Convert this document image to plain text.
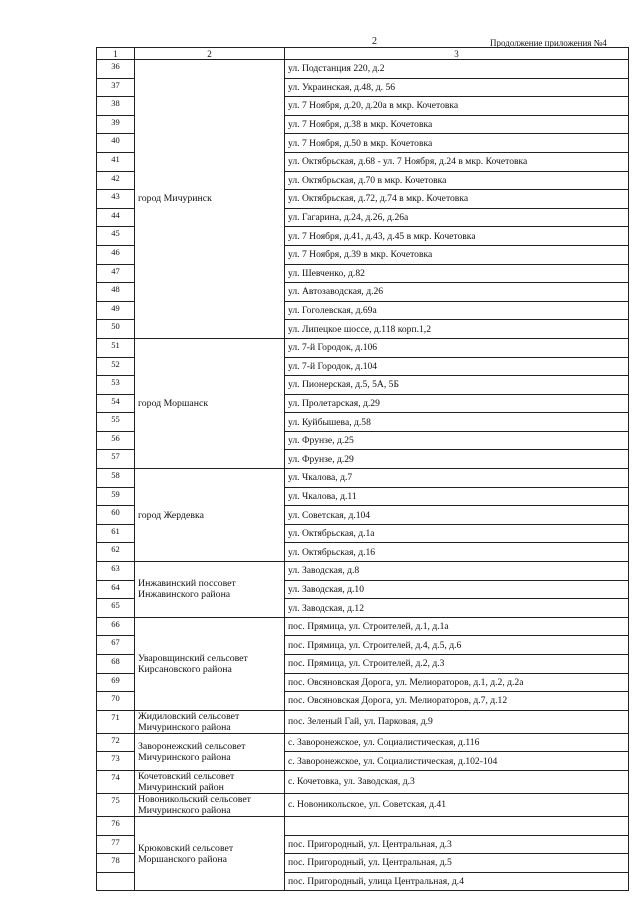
2	Продолжение приложения №4
1	2	3
36	город Мичуринск	ул. Подстанция 220, д.2
37		ул. Украинская, д.48, д. 56
38		ул. 7 Ноября, д.20, д.20а в мкр. Кочетовка
39		ул. 7 Ноября, д.38 в мкр. Кочетовка
40		ул. 7 Ноября, д.50 в мкр. Кочетовка
41		ул. Октябрьская, д.68 - ул. 7 Ноября, д.24 в мкр. Кочетовка
42		ул. Октябрьская, д.70 в мкр. Кочетовка
43		ул. Октябрьская, д.72, д.74 в мкр. Кочетовка
44		ул. Гагарина, д.24, д.26, д.26а
45		ул. 7 Ноября, д.41, д.43, д.45 в мкр. Кочетовка
46		ул. 7 Ноября, д.39 в мкр. Кочетовка
47		ул. Шевченко, д.82
48		ул. Автозаводская, д.26
49		ул. Гоголевская, д.69а
50		ул. Липецкое шоссе, д.118 корп.1,2
51	город Моршанск	ул. 7-й Городок, д.106
52		ул. 7-й Городок, д.104
53		ул. Пионерская, д.5, 5А, 5Б
54		ул. Пролетарская, д.29
55		ул. Куйбышева, д.58
56		ул. Фрунзе, д.25
57		ул. Фрунзе, д.29
58	город Жердевка	ул. Чкалова, д.7
59		ул. Чкалова, д.11
60		ул. Советская, д.104
61		ул. Октябрьская, д.1а
62		ул. Октябрьская, д.16
63	Инжавинский поссовет Инжавинского района	ул. Заводская, д.8
64		ул. Заводская, д.10
65		ул. Заводская, д.12
66	Уваровщинский сельсовет Кирсановского района	пос. Прямица, ул. Строителей, д.1, д.1а
67		пос. Прямица, ул. Строителей, д.4, д.5, д.6
68		пос. Прямица, ул. Строителей, д.2, д.3
69		пос. Овсяновская Дорога, ул. Мелиораторов, д.1, д.2, д.2а
70		пос. Овсяновская Дорога, ул. Мелиораторов, д.7, д.12
71	Жидиловский сельсовет Мичуринского района	пос. Зеленый Гай, ул. Парковая, д.9
72	Заворонежский сельсовет Мичуринского района	с. Заворонежское, ул. Социалистическая, д.116
73		с. Заворонежское, ул. Социалистическая, д.102-104
74	Кочетовский сельсовет Мичуринский район	с. Кочетовка, ул. Заводская, д.3
75	Новоникольский сельсовет Мичуринского района	с. Новоникольское, ул. Советская, д.41
76	Крюковский сельсовет Моршанского района	
77		пос. Пригородный, ул. Центральная, д.3
78		пос. Пригородный, ул. Центральная, д.5
		пос. Пригородный, улица Центральная, д.4
